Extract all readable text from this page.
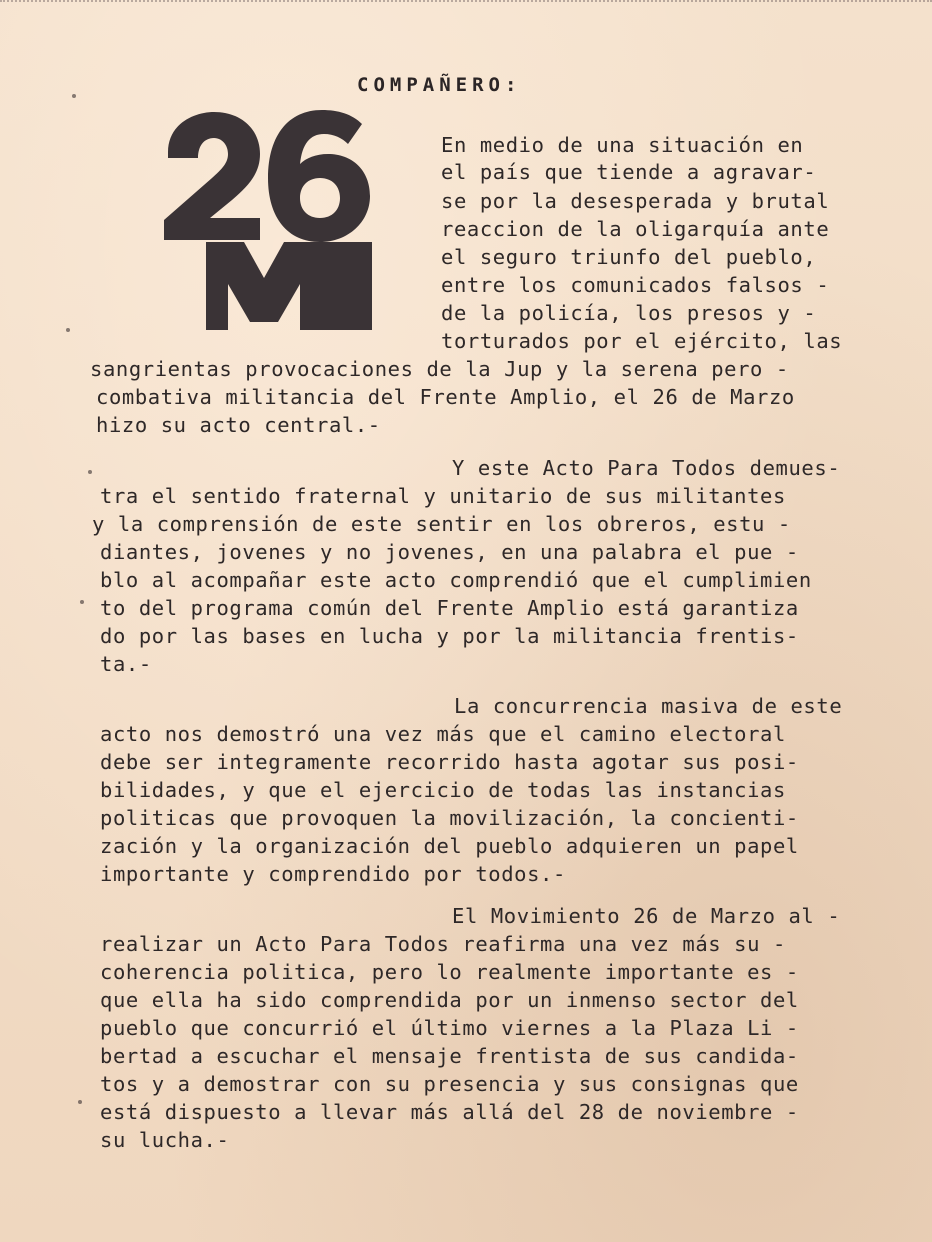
COMPAÑERO:
En medio de una situación en
el país que tiende a agravar-
se por la desesperada y brutal
reaccion de la oligarquía ante
el seguro triunfo del pueblo,
entre los comunicados falsos -
de la policía, los presos y -
torturados por el ejército, las
sangrientas provocaciones de la Jup y la serena pero -
combativa militancia del Frente Amplio, el 26 de Marzo
hizo su acto central.-
Y este Acto Para Todos demues-
tra el sentido fraternal y unitario de sus militantes
y la comprensión de este sentir en los obreros, estu -
diantes, jovenes y no jovenes, en una palabra el pue -
blo al acompañar este acto comprendió que el cumplimien
to del programa común del Frente Amplio está garantiza
do por las bases en lucha y por la militancia frentis-
ta.-
La concurrencia masiva de este
acto nos demostró una vez más que el camino electoral
debe ser integramente recorrido hasta agotar sus posi-
bilidades, y que el ejercicio de todas las instancias
politicas que provoquen la movilización, la concienti-
zación y la organización del pueblo adquieren un papel
importante y comprendido por todos.-
El Movimiento 26 de Marzo al -
realizar un Acto Para Todos reafirma una vez más su -
coherencia politica, pero lo realmente importante es -
que ella ha sido comprendida por un inmenso sector del
pueblo que concurrió el último viernes a la Plaza Li -
bertad a escuchar el mensaje frentista de sus candida-
tos y a demostrar con su presencia y sus consignas que
está dispuesto a llevar más allá del 28 de noviembre -
su lucha.-
